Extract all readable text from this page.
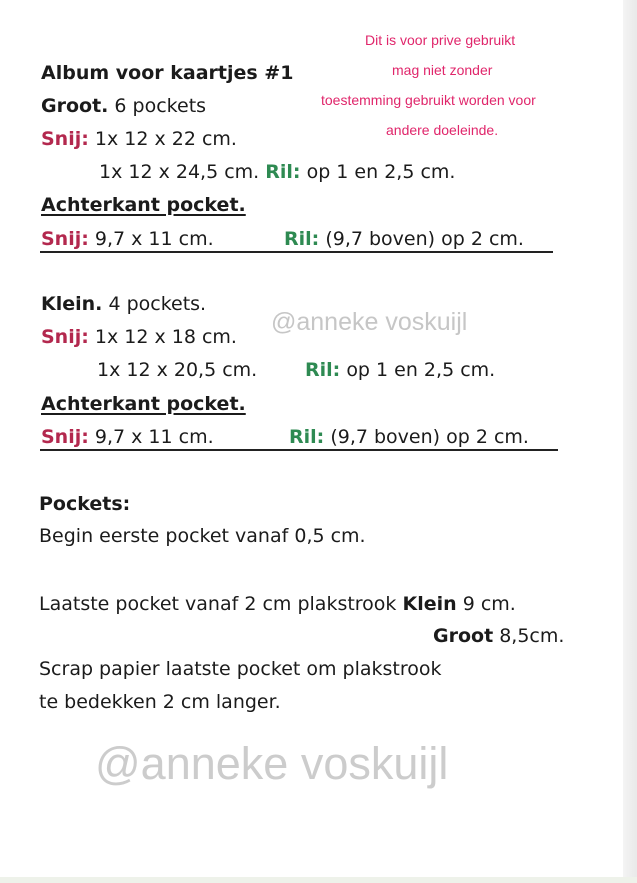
Dit is voor prive gebruikt
mag niet zonder
toestemming gebruikt worden voor
andere doeleinde.
Album voor kaartjes #1
Groot. 6 pockets
Snij: 1x 12 x 22 cm.
1x 12 x 24,5 cm. Ril: op 1 en 2,5 cm.
Achterkant pocket.
Snij: 9,7 x 11 cm.	Ril: (9,7 boven) op 2 cm.
Klein. 4 pockets.
Snij: 1x 12 x 18 cm.
1x 12 x 20,5 cm.	Ril: op 1 en 2,5 cm.
Achterkant pocket.
Snij: 9,7 x 11 cm.	Ril: (9,7 boven) op 2 cm.
Pockets:
Begin eerste pocket vanaf 0,5 cm.
Laatste pocket vanaf 2 cm plakstrook Klein 9 cm.
Groot 8,5cm.
Scrap papier laatste pocket om plakstrook
te bedekken 2 cm langer.
@anneke voskuijl
@anneke voskuijl
